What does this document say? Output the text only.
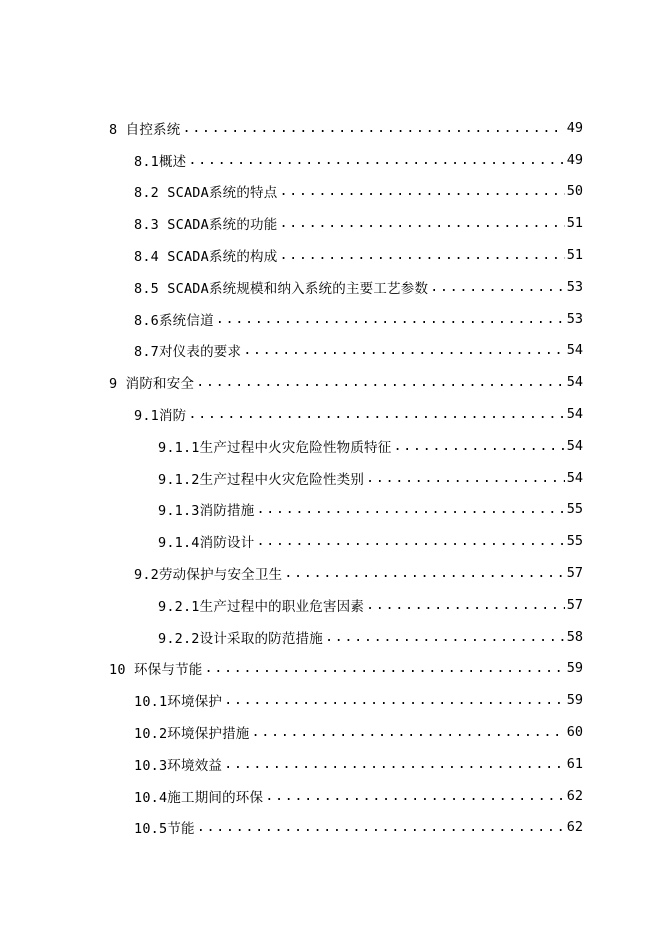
8 自控系统 .....	49
8.1概述 .....	49
8.2 SCADA系统的特点 .....	50
8.3 SCADA系统的功能 .....	51
8.4 SCADA系统的构成 .....	51
8.5 SCADA系统规模和纳入系统的主要工艺参数 .....	53
8.6系统信道 .....	53
8.7对仪表的要求 .....	54
9 消防和安全 .....	54
9.1消防 .....	54
9.1.1生产过程中火灾危险性物质特征 .....	54
9.1.2生产过程中火灾危险性类别 .....	54
9.1.3消防措施 .....	55
9.1.4消防设计 .....	55
9.2劳动保护与安全卫生 .....	57
9.2.1生产过程中的职业危害因素 .....	57
9.2.2设计采取的防范措施 .....	58
10 环保与节能 .....	59
10.1环境保护 .....	59
10.2环境保护措施 .....	60
10.3环境效益 .....	61
10.4施工期间的环保 .....	62
10.5节能 .....	62
